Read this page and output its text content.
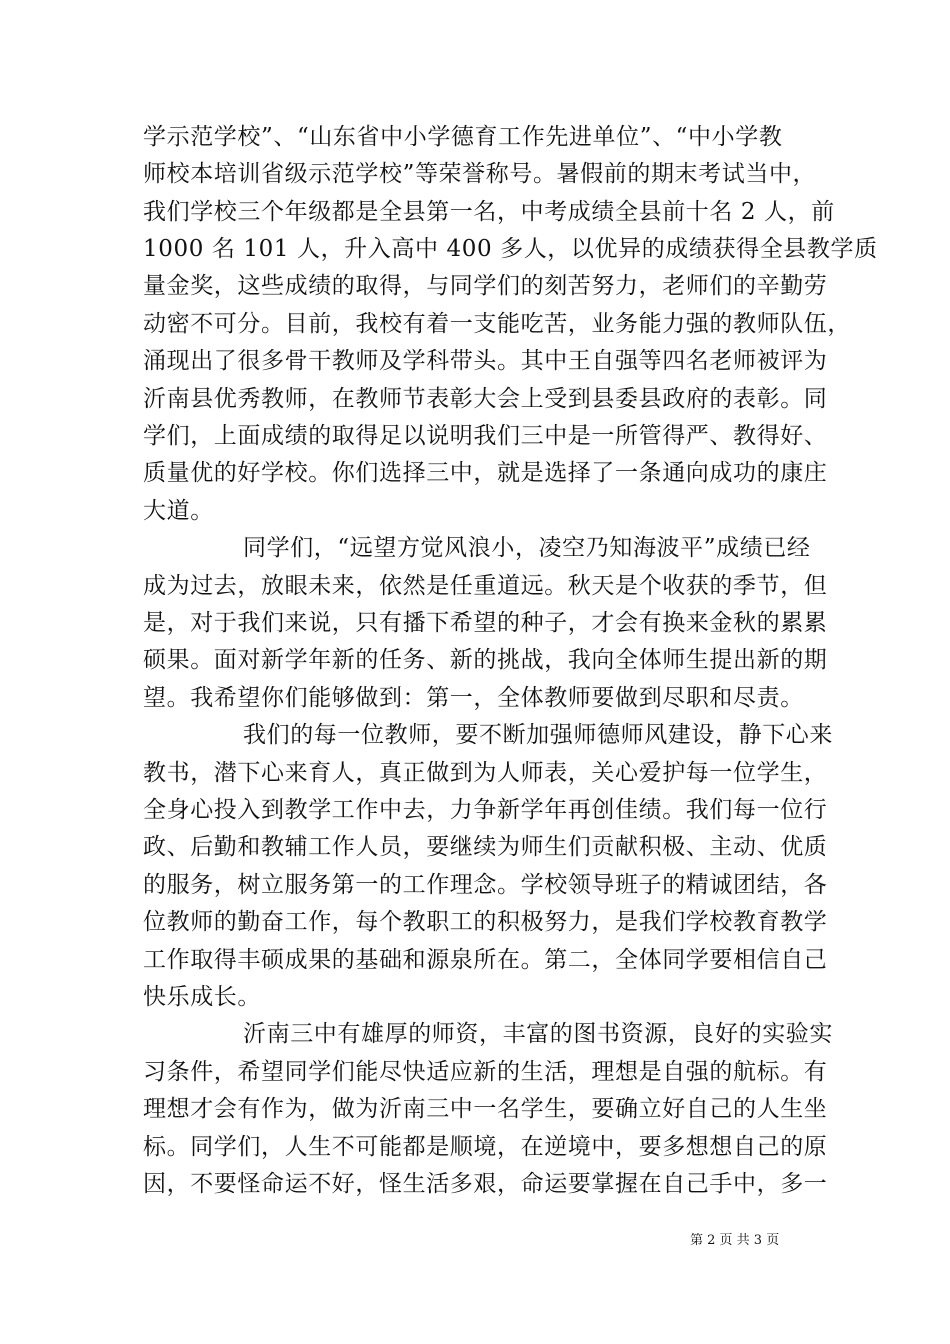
学示范学校”、“山东省中小学德育工作先进单位”、“中小学教
师校本培训省级示范学校”等荣誉称号。暑假前的期末考试当中，
我们学校三个年级都是全县第一名，中考成绩全县前十名 2 人，前
1000 名 101 人，升入高中 400 多人，以优异的成绩获得全县教学质
量金奖，这些成绩的取得，与同学们的刻苦努力，老师们的辛勤劳
动密不可分。目前，我校有着一支能吃苦，业务能力强的教师队伍，
涌现出了很多骨干教师及学科带头。其中王自强等四名老师被评为
沂南县优秀教师，在教师节表彰大会上受到县委县政府的表彰。同
学们，上面成绩的取得足以说明我们三中是一所管得严、教得好、
质量优的好学校。你们选择三中，就是选择了一条通向成功的康庄
大道。
同学们，“远望方觉风浪小，凌空乃知海波平”成绩已经
成为过去，放眼未来，依然是任重道远。秋天是个收获的季节，但
是，对于我们来说，只有播下希望的种子，才会有换来金秋的累累
硕果。面对新学年新的任务、新的挑战，我向全体师生提出新的期
望。我希望你们能够做到：第一，全体教师要做到尽职和尽责。
我们的每一位教师，要不断加强师德师风建设，静下心来
教书，潜下心来育人，真正做到为人师表，关心爱护每一位学生，
全身心投入到教学工作中去，力争新学年再创佳绩。我们每一位行
政、后勤和教辅工作人员，要继续为师生们贡献积极、主动、优质
的服务，树立服务第一的工作理念。学校领导班子的精诚团结，各
位教师的勤奋工作，每个教职工的积极努力，是我们学校教育教学
工作取得丰硕成果的基础和源泉所在。第二，全体同学要相信自己
快乐成长。
沂南三中有雄厚的师资，丰富的图书资源，良好的实验实
习条件，希望同学们能尽快适应新的生活，理想是自强的航标。有
理想才会有作为，做为沂南三中一名学生，要确立好自己的人生坐
标。同学们，人生不可能都是顺境，在逆境中，要多想想自己的原
因，不要怪命运不好，怪生活多艰，命运要掌握在自己手中，多一
第 2 页 共 3 页
